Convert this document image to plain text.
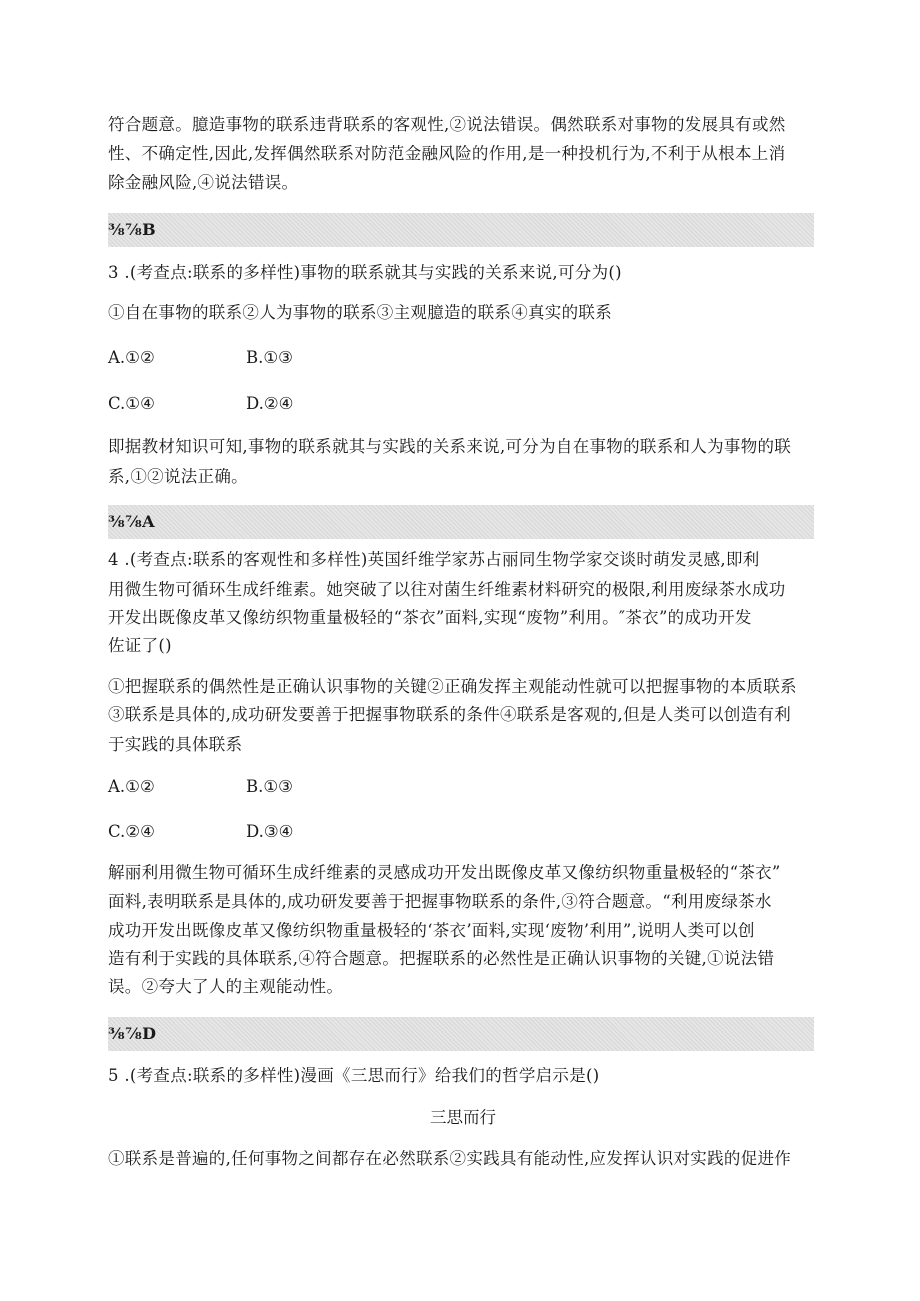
符合题意。臆造事物的联系违背联系的客观性,②说法错误。偶然联系对事物的发展具有或然

性、不确定性,因此,发挥偶然联系对防范金融风险的作用,是一种投机行为,不利于从根本上消

除金融风险,④说法错误。

⅜⅞B

3 .(考查点:联系的多样性)事物的联系就其与实践的关系来说,可分为()

①自在事物的联系②人为事物的联系③主观臆造的联系④真实的联系

A.①②	B.①③
C.①④	D.②④

即据教材知识可知,事物的联系就其与实践的关系来说,可分为自在事物的联系和人为事物的联

系,①②说法正确。

⅜⅞A

4 .(考查点:联系的客观性和多样性)英国纤维学家苏占丽同生物学家交谈时萌发灵感,即利

用微生物可循环生成纤维素。她突破了以往对菌生纤维素材料研究的极限,利用废绿茶水成功

开发出既像皮革又像纺织物重量极轻的“茶衣”面料,实现“废物”利用。″茶衣”的成功开发

佐证了()

①把握联系的偶然性是正确认识事物的关键②正确发挥主观能动性就可以把握事物的本质联系

③联系是具体的,成功研发要善于把握事物联系的条件④联系是客观的,但是人类可以创造有利

于实践的具体联系

A.①②	B.①③
C.②④	D.③④

解丽利用微生物可循环生成纤维素的灵感成功开发出既像皮革又像纺织物重量极轻的“茶衣”

面料,表明联系是具体的,成功研发要善于把握事物联系的条件,③符合题意。“利用废绿茶水

成功开发出既像皮革又像纺织物重量极轻的‘茶衣’面料,实现‘废物’利用”,说明人类可以创

造有利于实践的具体联系,④符合题意。把握联系的必然性是正确认识事物的关键,①说法错

误。②夸大了人的主观能动性。

⅜⅞D

5 .(考查点:联系的多样性)漫画《三思而行》给我们的哲学启示是()

三思而行

①联系是普遍的,任何事物之间都存在必然联系②实践具有能动性,应发挥认识对实践的促进作
